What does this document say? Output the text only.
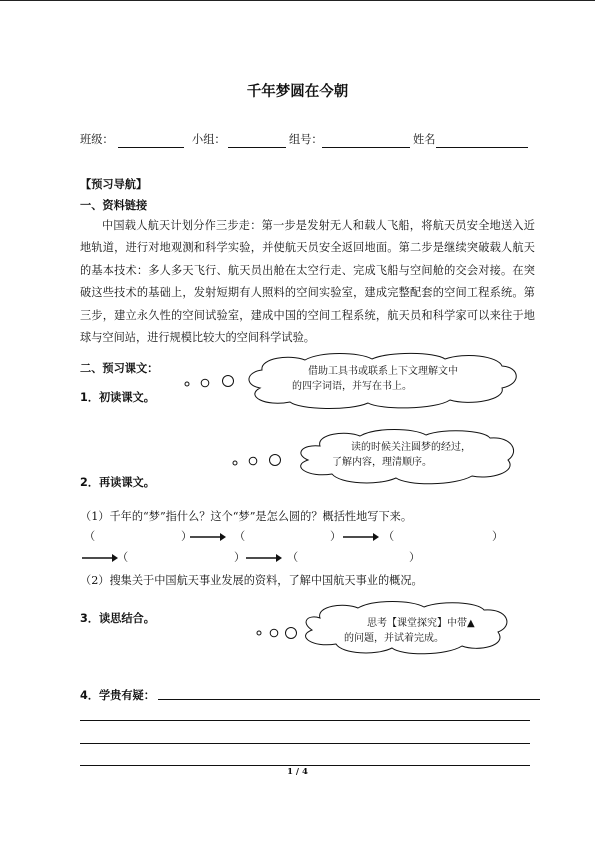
千年梦圆在今朝
班级：	小组：	组号：	姓名
【预习导航】
一、资料链接
中国载人航天计划分作三步走：第一步是发射无人和载人飞船，将航天员安全地送入近地轨道，进行对地观测和科学实验，并使航天员安全返回地面。第二步是继续突破载人航天的基本技术：多人多天飞行、航天员出舱在太空行走、完成飞船与空间舱的交会对接。在突破这些技术的基础上，发射短期有人照料的空间实验室，建成完整配套的空间工程系统。第三步，建立永久性的空间试验室，建成中国的空间工程系统，航天员和科学家可以来往于地球与空间站，进行规模比较大的空间科学试验。
二、预习课文：
1．初读课文。
借助工具书或联系上下文理解文中
的四字词语，并写在书上。
读的时候关注圆梦的经过，
了解内容，理清顺序。
2．再读课文。
（1）千年的“梦”指什么？这个“梦”是怎么圆的？概括性地写下来。
（	）	（	）	（	）
（	）	（	）
（2）搜集关于中国航天事业发展的资料，了解中国航天事业的概况。
3．读思结合。	思考【课堂探究】中带▲
的问题，并试着完成。
4．学贵有疑：
1 / 4
